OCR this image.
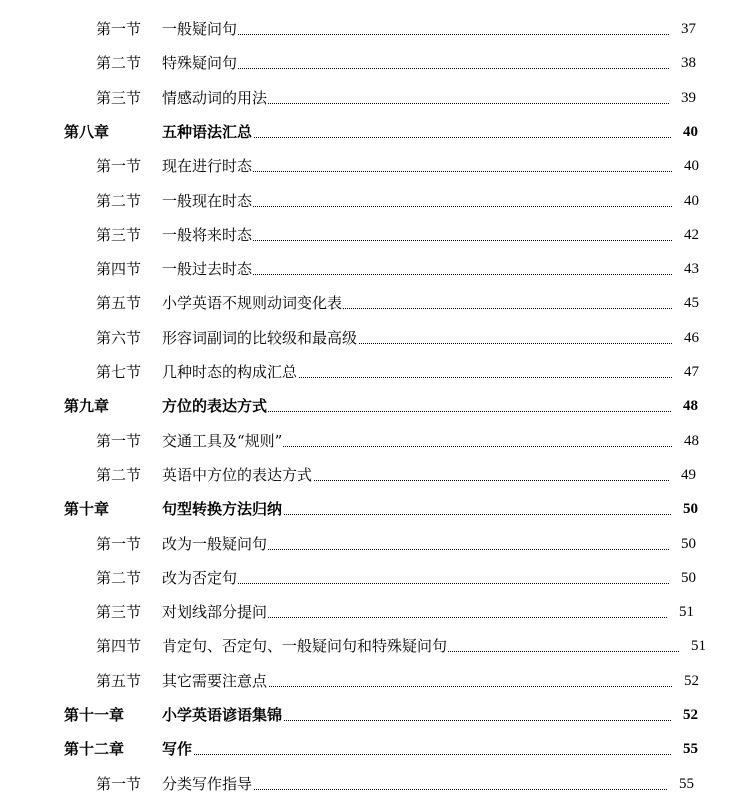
第一节 一般疑问句	37
第二节 特殊疑问句	38
第三节 情感动词的用法	39
第八章	五种语法汇总	40
第一节 现在进行时态	40
第二节 一般现在时态	40
第三节 一般将来时态	42
第四节 一般过去时态	43
第五节 小学英语不规则动词变化表	45
第六节 形容词副词的比较级和最高级	46
第七节 几种时态的构成汇总	47
第九章	方位的表达方式	48
第一节 交通工具及“规则”	48
第二节 英语中方位的表达方式	49
第十章	句型转换方法归纳	50
第一节 改为一般疑问句	50
第二节 改为否定句	50
第三节 对划线部分提问	51
第四节 肯定句、否定句、一般疑问句和特殊疑问句	51
第五节 其它需要注意点	52
第十一章	小学英语谚语集锦	52
第十二章	写作	55
第一节 分类写作指导	55
